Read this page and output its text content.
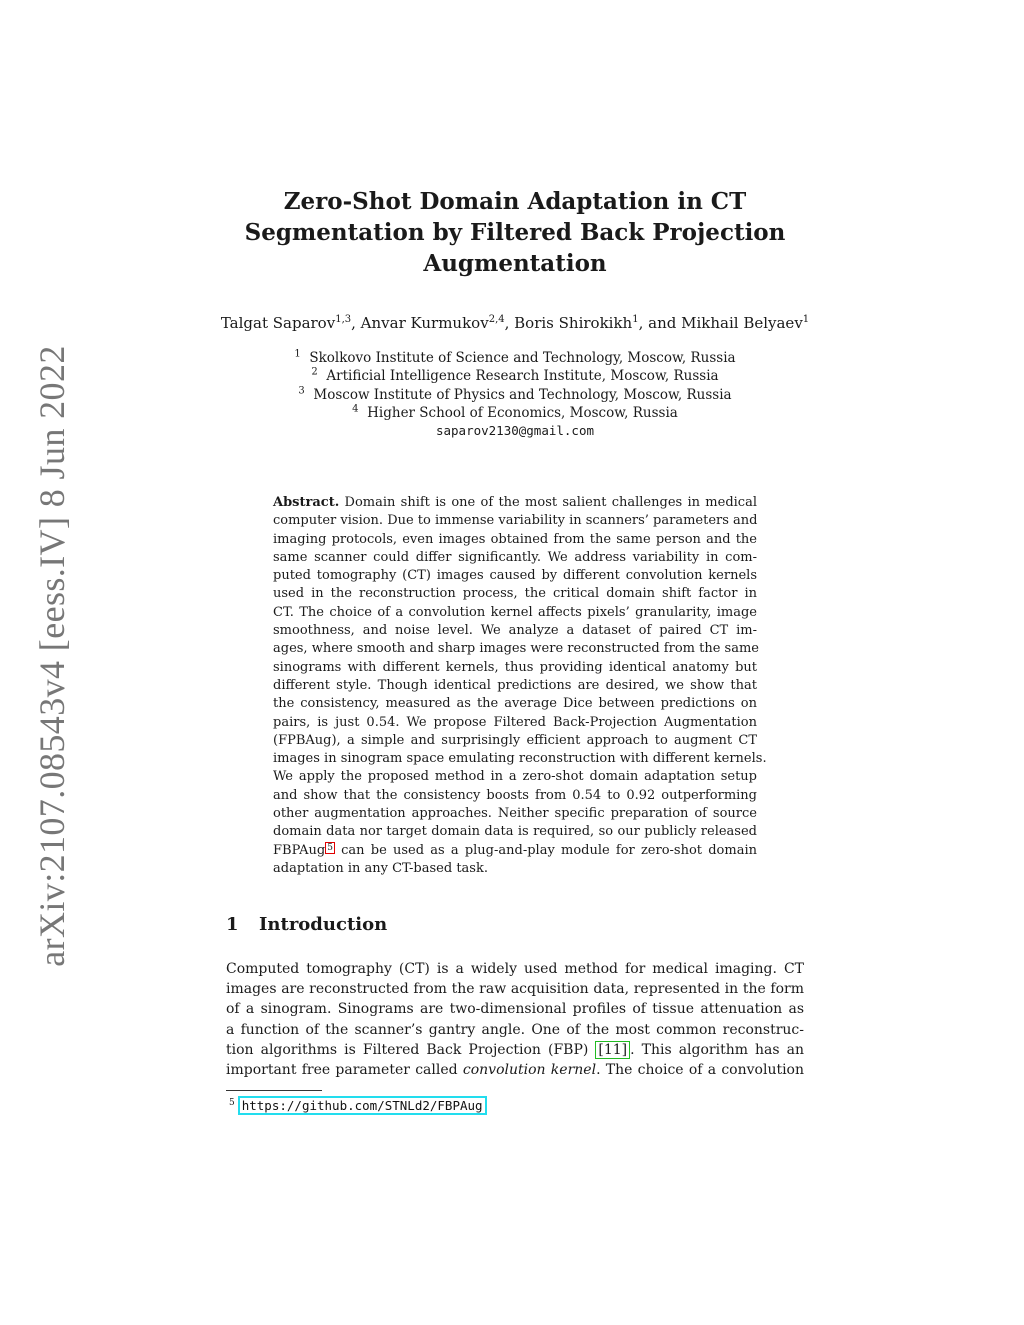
arXiv:2107.08543v4 [eess.IV] 8 Jun 2022
Zero-Shot Domain Adaptation in CT
Segmentation by Filtered Back Projection
Augmentation
Talgat Saparov$^{1,3}$, Anvar Kurmukov$^{2,4}$, Boris Shirokikh$^1$, and Mikhail Belyaev$^1$
$^1$ Skolkovo Institute of Science and Technology, Moscow, Russia
$^2$ Artificial Intelligence Research Institute, Moscow, Russia
$^3$ Moscow Institute of Physics and Technology, Moscow, Russia
$^4$ Higher School of Economics, Moscow, Russia
saparov2130@gmail.com
Abstract. Domain shift is one of the most salient challenges in medical
computer vision. Due to immense variability in scanners’ parameters and
imaging protocols, even images obtained from the same person and the
same scanner could differ significantly. We address variability in com-
puted tomography (CT) images caused by different convolution kernels
used in the reconstruction process, the critical domain shift factor in
CT. The choice of a convolution kernel affects pixels’ granularity, image
smoothness, and noise level. We analyze a dataset of paired CT im-
ages, where smooth and sharp images were reconstructed from the same
sinograms with different kernels, thus providing identical anatomy but
different style. Though identical predictions are desired, we show that
the consistency, measured as the average Dice between predictions on
pairs, is just 0.54. We propose Filtered Back-Projection Augmentation
(FPBAug), a simple and surprisingly efficient approach to augment CT
images in sinogram space emulating reconstruction with different kernels.
We apply the proposed method in a zero-shot domain adaptation setup
and show that the consistency boosts from 0.54 to 0.92 outperforming
other augmentation approaches. Neither specific preparation of source
domain data nor target domain data is required, so our publicly released
FBPAug 5 can be used as a plug-and-play module for zero-shot domain
adaptation in any CT-based task.
1 Introduction
Computed tomography (CT) is a widely used method for medical imaging. CT
images are reconstructed from the raw acquisition data, represented in the form
of a sinogram. Sinograms are two-dimensional profiles of tissue attenuation as
a function of the scanner’s gantry angle. One of the most common reconstruc-
tion algorithms is Filtered Back Projection (FBP) [11] . This algorithm has an
important free parameter called convolution kernel. The choice of a convolution
$^5$ https://github.com/STNLd2/FBPAug
